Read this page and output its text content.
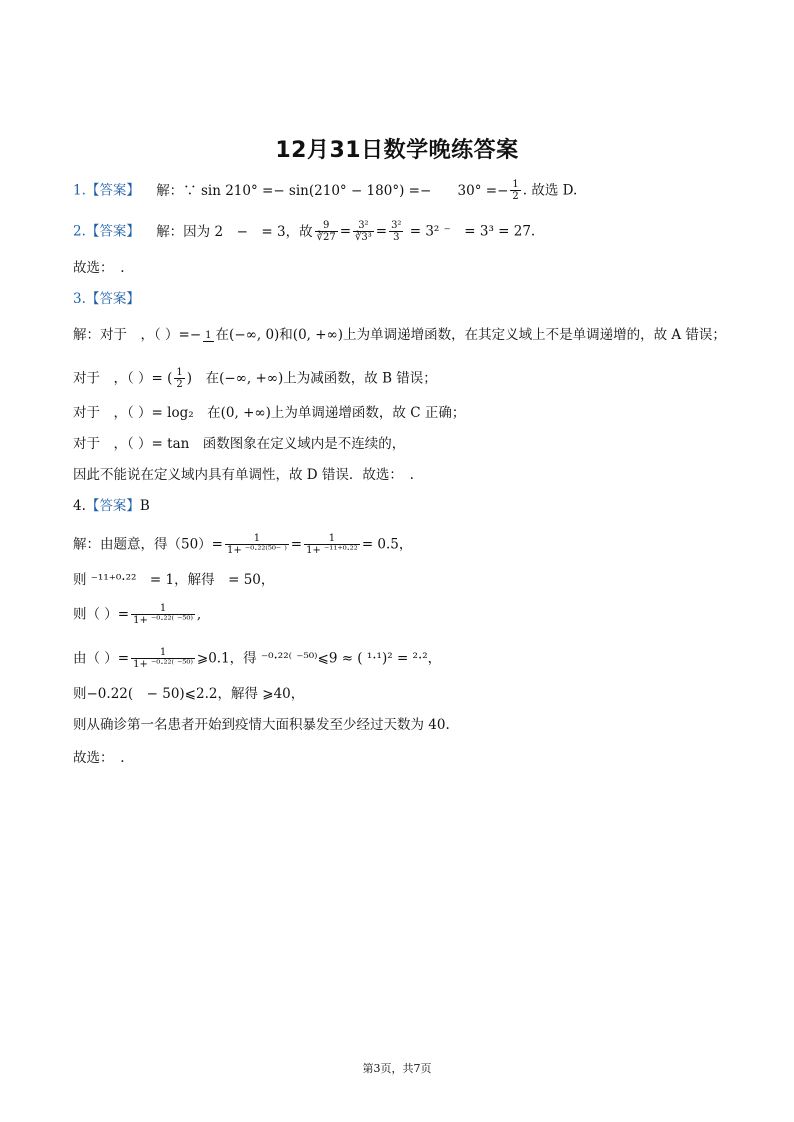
12月31日数学晚练答案
1.【答案】 解：∵ $\sin 210^\circ =- \sin(210^\circ - 180^\circ) =- 30^\circ =- \frac{1}{2}$ . 故选 D.
2.【答案】 解：因为 2　−　= 3，故 $\frac{9}{∛27} = \frac{\text{3²}}{\text{∛3³}} = \frac{\text{3²}}{3} = 3^2$ ⁻　= 3³ = 27.
故选：　.
3.【答案】
解：对于　，（ ）=− 1 在(−∞, 0)和(0, +∞)上为单调递增函数，在其定义域上不是单调递增的，故 A 错误；
对于　，（ ）= ( $\frac{1}{2}$ )　在(−∞, +∞)上为减函数，故 B 错误；
对于　，（ ）= log₂　在(0, +∞)上为单调递增函数，故 C 正确；
对于　，（ ）= tan　函数图象在定义域内是不连续的，
因此不能说在定义域内具有单调性，故 D 错误．故选：　.
4.【答案】B
解：由题意，得$(50)= \frac{1}{\text{1+ ⁻⁰·²²⁽⁵⁰⁻ ⁾}} = \frac{1}{\text{1+ ⁻¹¹⁺⁰·²²}} = 0.5$，
则 ⁻¹¹⁺⁰·²²　= 1，解得　= 50，
则（ ）= $\frac{1}{\text{1+ ⁻⁰·²²⁽ ⁻⁵⁰⁾}}$ ,
由（ ）= $\frac{1}{\text{1+ ⁻⁰·²²⁽ ⁻⁵⁰⁾}}$ ⩾0.1，得 ⁻⁰·²²⁽ ⁻⁵⁰⁾⩽9 ≈ ( ¹·¹)² = ²·²，
则−0.22(　− 50)⩽2.2，解得 ⩾40，
则从确诊第一名患者开始到疫情大面积暴发至少经过天数为 40.
故选：　.
第3页，共7页
